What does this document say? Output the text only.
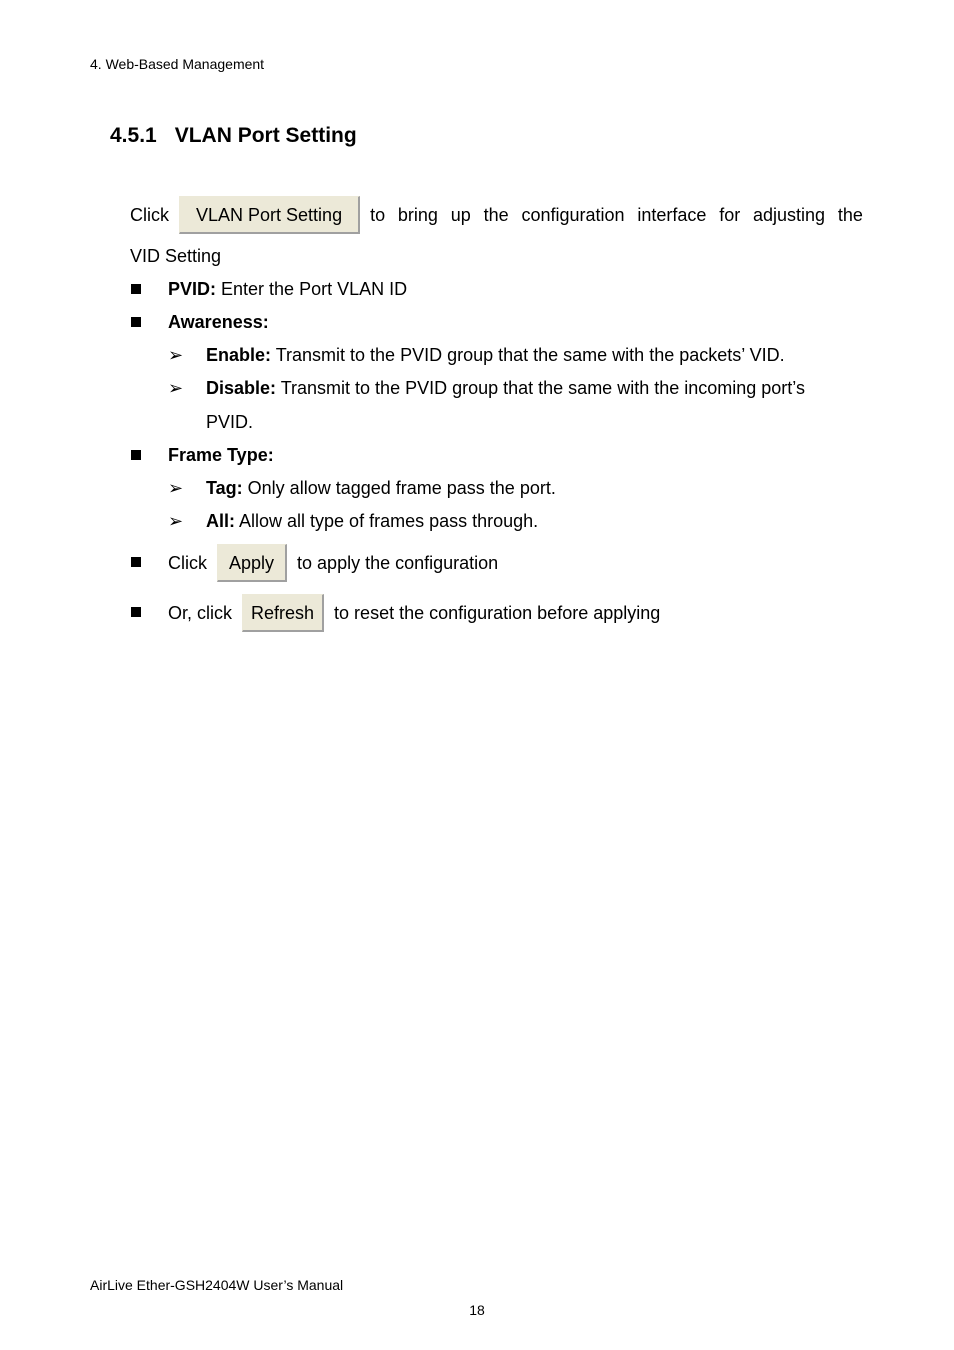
4. Web-Based Management
4.5.1 VLAN Port Setting
Click	VLAN Port Setting	to bring up the configuration interface for adjusting the
VID Setting
PVID: Enter the Port VLAN ID
Awareness:
➢ Enable: Transmit to the PVID group that the same with the packets’ VID.
➢ Disable: Transmit to the PVID group that the same with the incoming port’s
PVID.
Frame Type:
➢ Tag: Only allow tagged frame pass the port.
➢ All: Allow all type of frames pass through.
Click	Apply	to apply the configuration
Or, click	Refresh	to reset the configuration before applying
AirLive Ether-GSH2404W User’s Manual
18
